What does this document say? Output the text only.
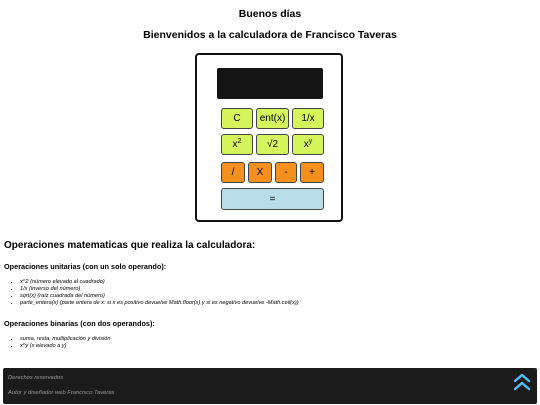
Buenos días
Bienvenidos a la calculadora de Francisco Taveras
C	ent(x)	1/x
$x^2$	√2	$x^y$
/	X	-	+
=
Operaciones matematicas que realiza la calculadora:
Operaciones unitarias (con un solo operando):
• x^2 (número elevado al cuadrado)
• 1/x (inverso del número)
• sqrt(x) (raíz cuadrada del número)
• parte_entera(x) (parte entera de x: si x es positivo devuelve Math.floor(x) y si es negativo devuelve -Math.ceil(x))
Operaciones binarias (con dos operandos):
• suma, resta, multiplicación y división
• x^y (x elevado a y)
Derechos reservados
Autor y diseñador web Francisco Taveras
